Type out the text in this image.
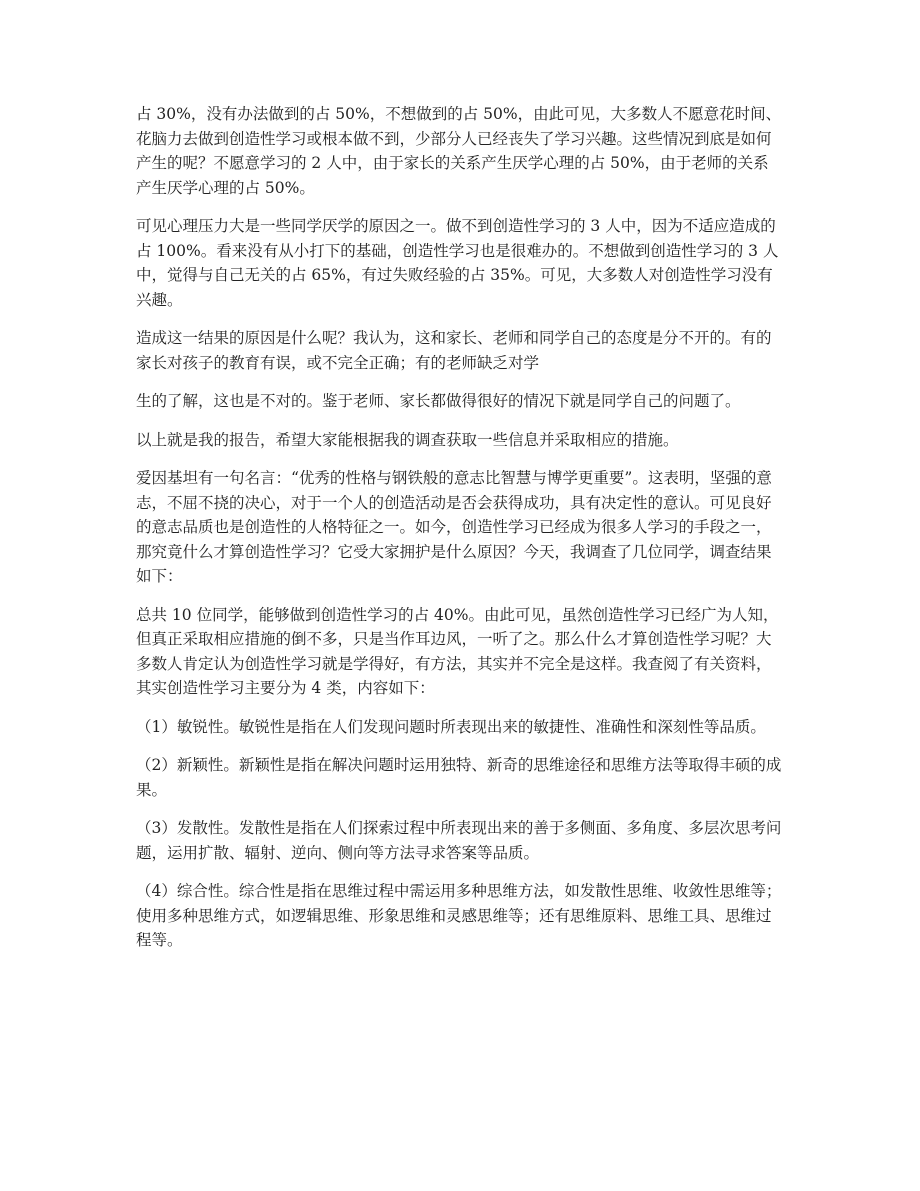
占 30%，没有办法做到的占 50%，不想做到的占 50%，由此可见，大多数人不愿意花时间、花脑力去做到创造性学习或根本做不到，少部分人已经丧失了学习兴趣。这些情况到底是如何产生的呢？不愿意学习的 2 人中，由于家长的关系产生厌学心理的占 50%，由于老师的关系产生厌学心理的占 50%。

可见心理压力大是一些同学厌学的原因之一。做不到创造性学习的 3 人中，因为不适应造成的占 100%。看来没有从小打下的基础，创造性学习也是很难办的。不想做到创造性学习的 3 人中，觉得与自己无关的占 65%，有过失败经验的占 35%。可见，大多数人对创造性学习没有兴趣。

造成这一结果的原因是什么呢？我认为，这和家长、老师和同学自己的态度是分不开的。有的家长对孩子的教育有误，或不完全正确；有的老师缺乏对学

生的了解，这也是不对的。鉴于老师、家长都做得很好的情况下就是同学自己的问题了。

以上就是我的报告，希望大家能根据我的调查获取一些信息并采取相应的措施。

爱因基坦有一句名言：“优秀的性格与钢铁般的意志比智慧与博学更重要”。这表明，坚强的意志，不屈不挠的决心，对于一个人的创造活动是否会获得成功，具有决定性的意认。可见良好的意志品质也是创造性的人格特征之一。如今，创造性学习已经成为很多人学习的手段之一，那究竟什么才算创造性学习？它受大家拥护是什么原因？今天，我调查了几位同学，调查结果如下：

总共 10 位同学，能够做到创造性学习的占 40%。由此可见，虽然创造性学习已经广为人知，但真正采取相应措施的倒不多，只是当作耳边风，一听了之。那么什么才算创造性学习呢？大多数人肯定认为创造性学习就是学得好，有方法，其实并不完全是这样。我查阅了有关资料，其实创造性学习主要分为 4 类，内容如下：

（1）敏锐性。敏锐性是指在人们发现问题时所表现出来的敏捷性、准确性和深刻性等品质。

（2）新颖性。新颖性是指在解决问题时运用独特、新奇的思维途径和思维方法等取得丰硕的成果。

（3）发散性。发散性是指在人们探索过程中所表现出来的善于多侧面、多角度、多层次思考问题，运用扩散、辐射、逆向、侧向等方法寻求答案等品质。

（4）综合性。综合性是指在思维过程中需运用多种思维方法，如发散性思维、收敛性思维等；使用多种思维方式，如逻辑思维、形象思维和灵感思维等；还有思维原料、思维工具、思维过程等。
